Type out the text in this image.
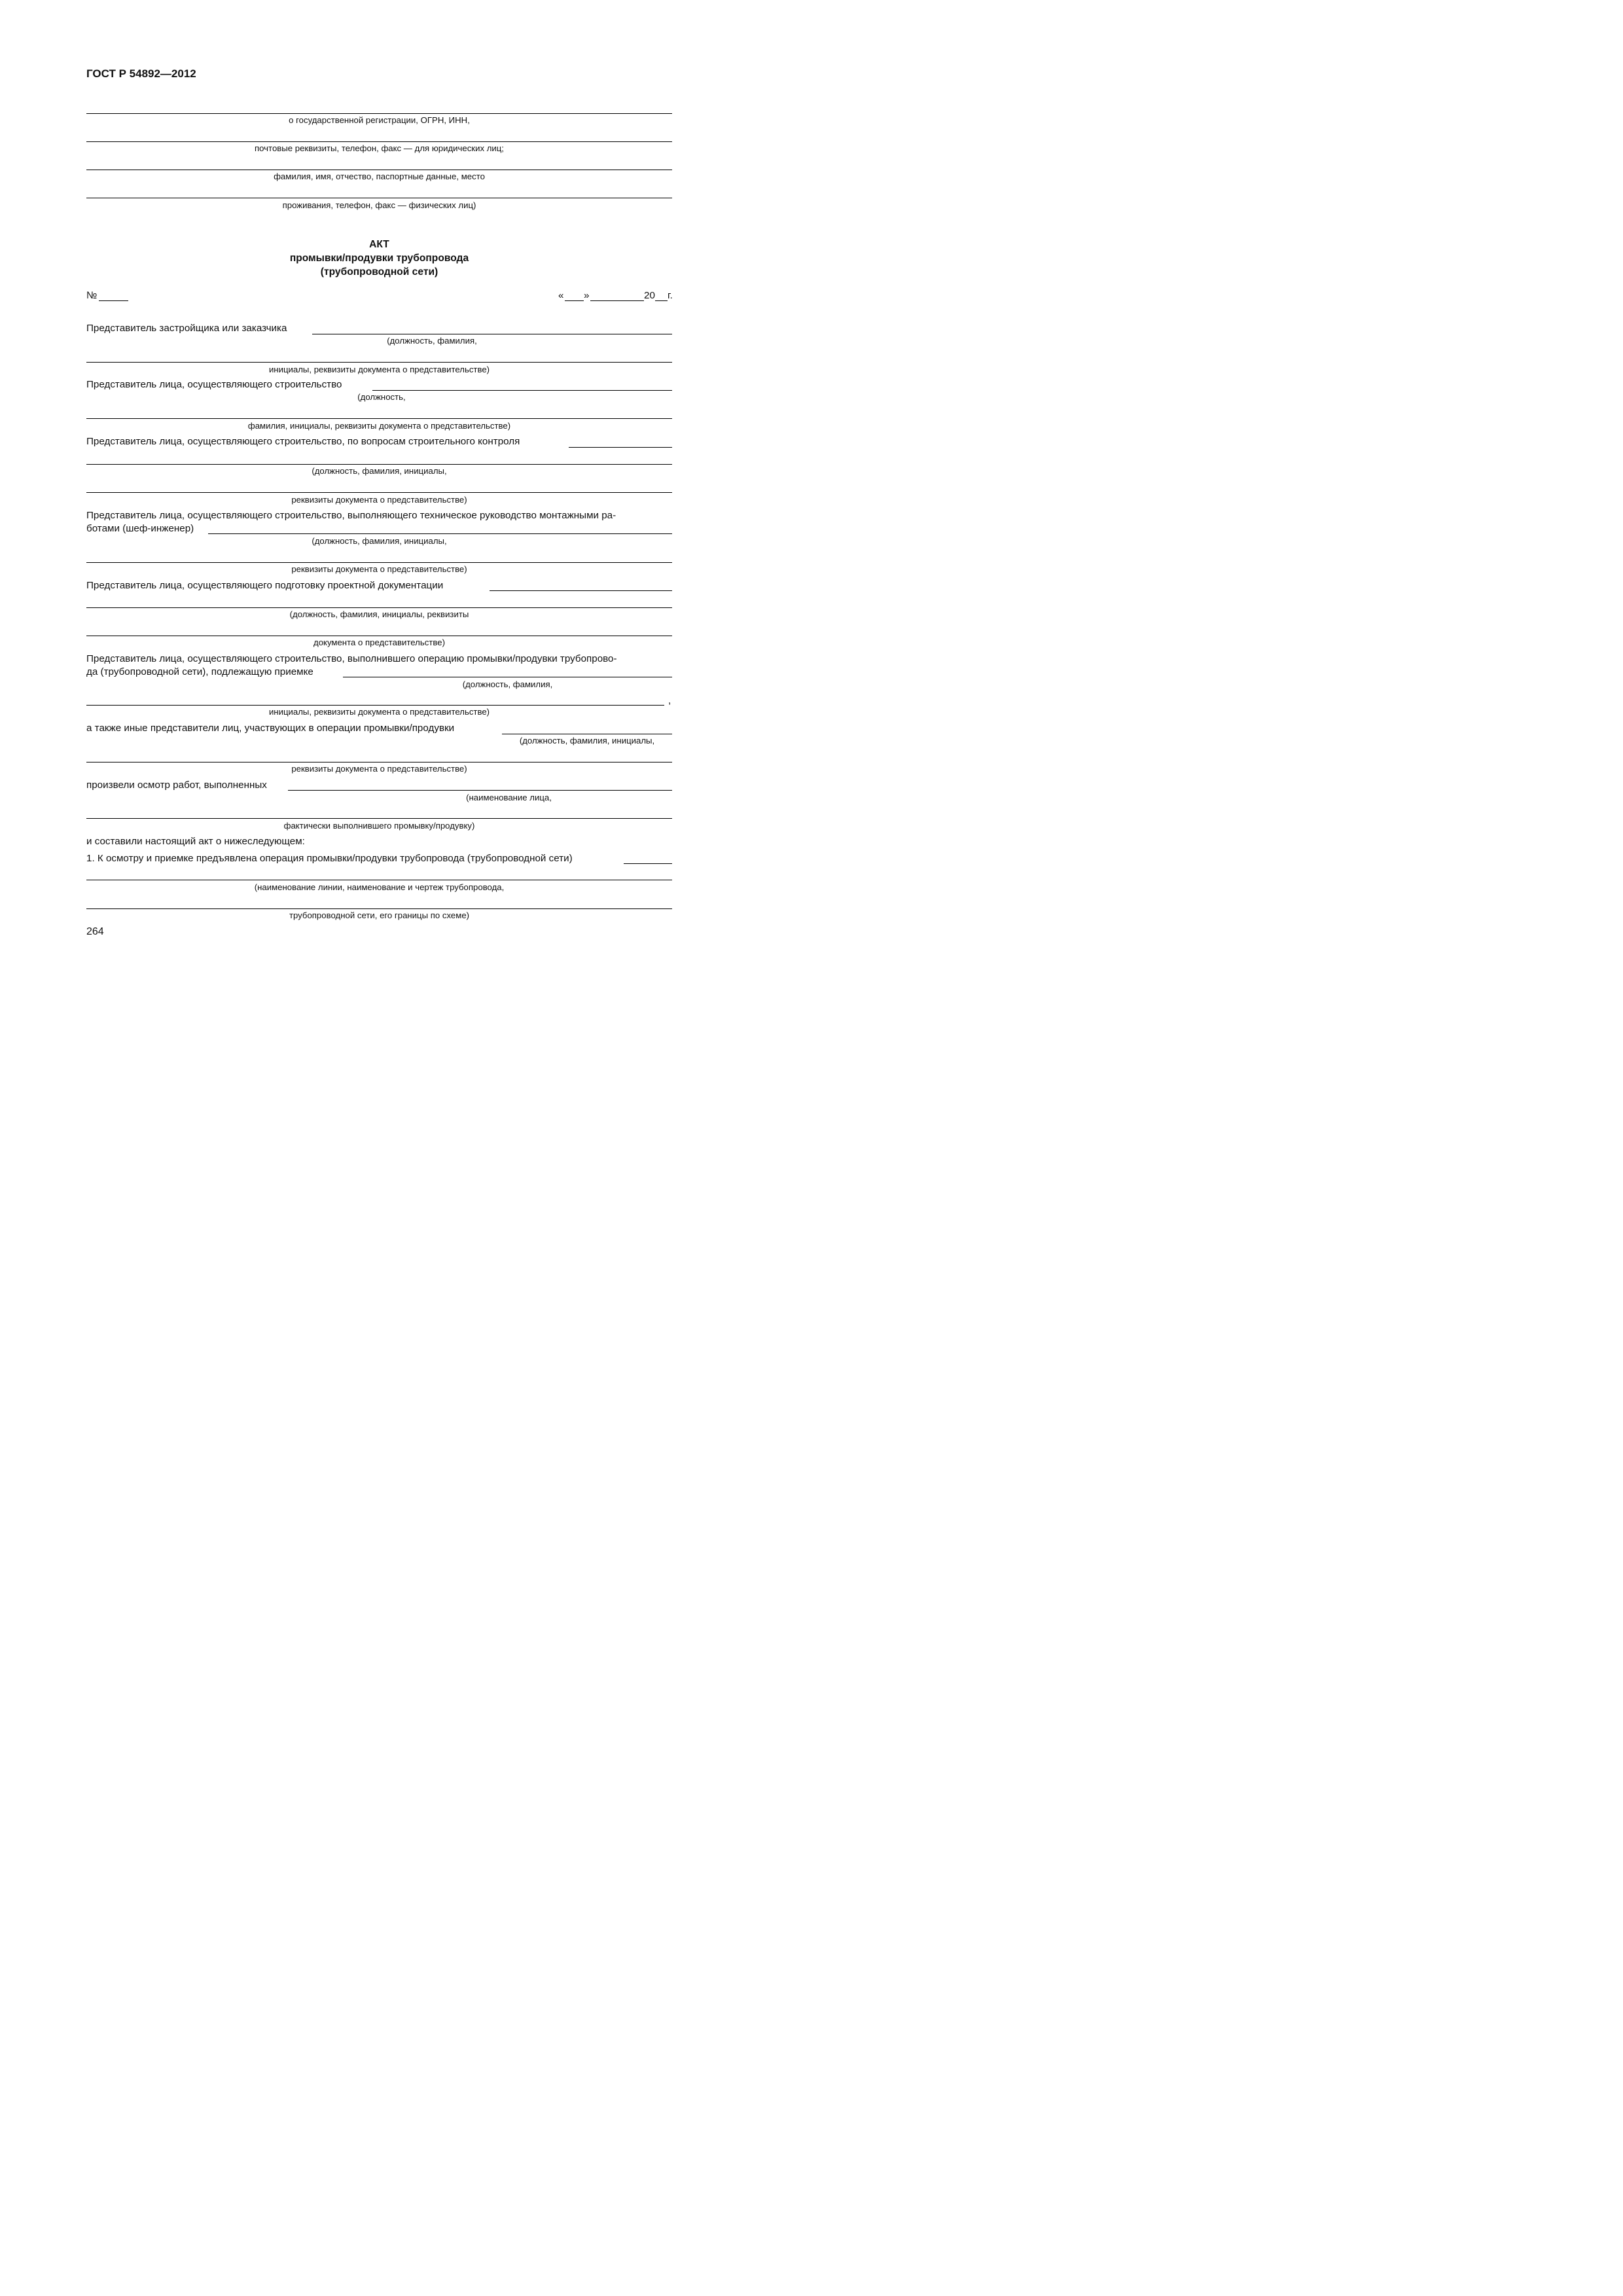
ГОСТ Р 54892—2012
о государственной регистрации, ОГРН, ИНН,
почтовые реквизиты, телефон, факс — для юридических лиц;
фамилия, имя, отчество, паспортные данные, место
проживания, телефон, факс — физических лиц)
АКТ
промывки/продувки трубопровода
(трубопроводной сети)
№	« »	20 г.
Представитель застройщика или заказчика
(должность, фамилия,
инициалы, реквизиты документа о представительстве)
Представитель лица, осуществляющего строительство
(должность,
фамилия, инициалы, реквизиты документа о представительстве)
Представитель лица, осуществляющего строительство, по вопросам строительного контроля
(должность, фамилия, инициалы,
реквизиты документа о представительстве)
Представитель лица, осуществляющего строительство, выполняющего техническое руководство монтажными ра-
ботами (шеф-инженер)
(должность, фамилия, инициалы,
реквизиты документа о представительстве)
Представитель лица, осуществляющего подготовку проектной документации
(должность, фамилия, инициалы, реквизиты
документа о представительстве)
Представитель лица, осуществляющего строительство, выполнившего операцию промывки/продувки трубопрово-
да (трубопроводной сети), подлежащую приемке
(должность, фамилия,
,
инициалы, реквизиты документа о представительстве)
а также иные представители лиц, участвующих в операции промывки/продувки
(должность, фамилия, инициалы,
реквизиты документа о представительстве)
произвели осмотр работ, выполненных
(наименование лица,
фактически выполнившего промывку/продувку)
и составили настоящий акт о нижеследующем:
1. К осмотру и приемке предъявлена операция промывки/продувки трубопровода (трубопроводной сети)
(наименование линии, наименование и чертеж трубопровода,
трубопроводной сети, его границы по схеме)
264
